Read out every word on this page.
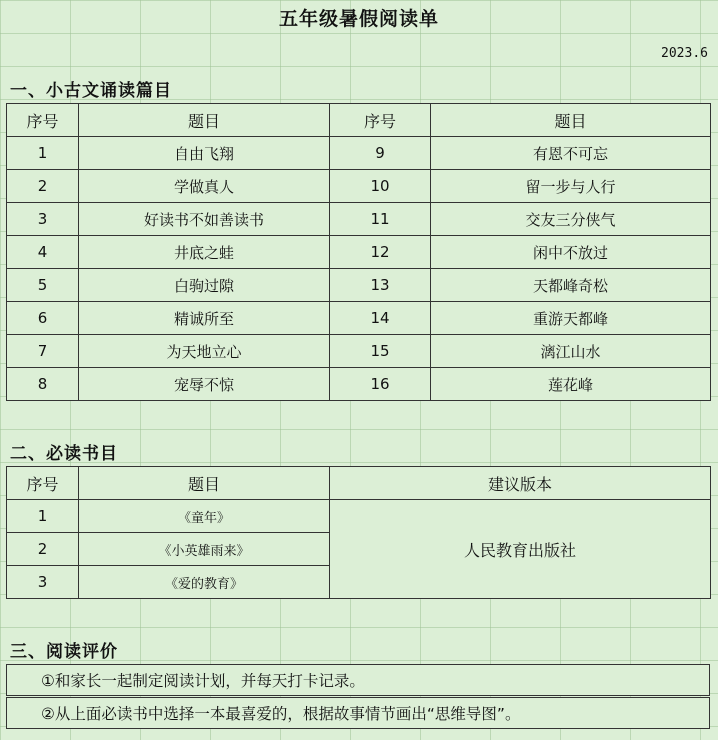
五年级暑假阅读单
2023.6
一、小古文诵读篇目
序号	题目	序号	题目
1	自由飞翔	9	有恩不可忘
2	学做真人	10	留一步与人行
3	好读书不如善读书	11	交友三分侠气
4	井底之蛙	12	闲中不放过
5	白驹过隙	13	天都峰奇松
6	精诚所至	14	重游天都峰
7	为天地立心	15	漓江山水
8	宠辱不惊	16	莲花峰
二、必读书目
序号	题目	建议版本
1	《童年》	人民教育出版社
2	《小英雄雨来》	
3	《爱的教育》	
三、阅读评价
①和家长一起制定阅读计划，并每天打卡记录。
②从上面必读书中选择一本最喜爱的，根据故事情节画出“思维导图”。
